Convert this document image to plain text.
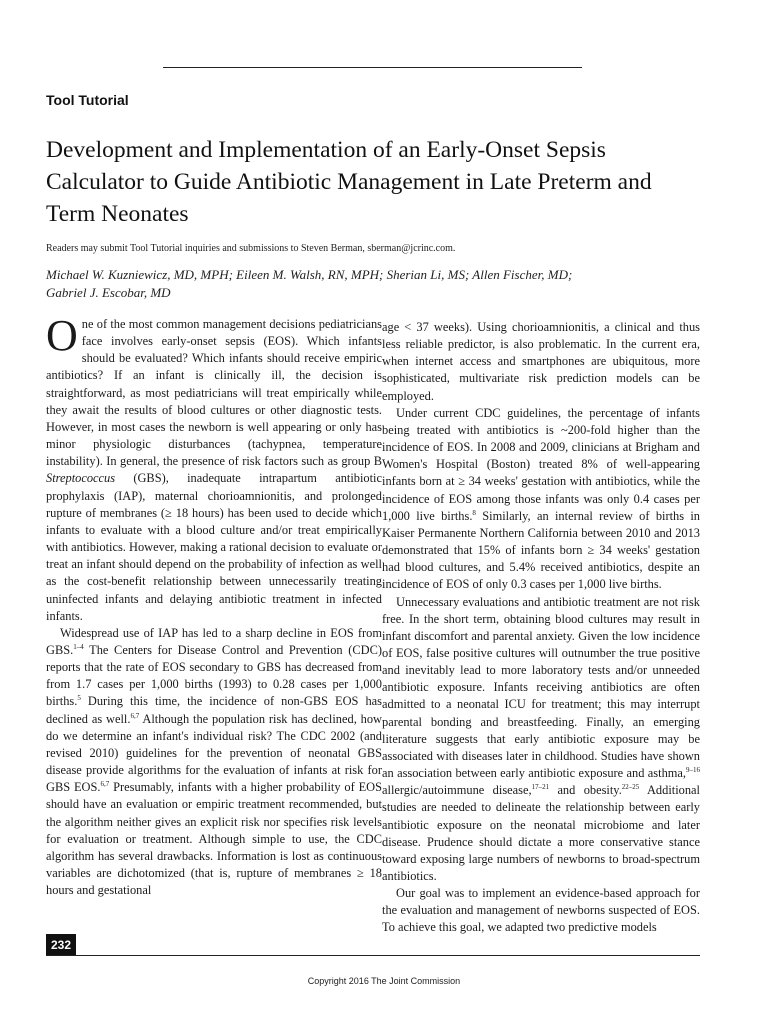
Tool Tutorial
Development and Implementation of an Early-Onset Sepsis
Calculator to Guide Antibiotic Management in Late Preterm and
Term Neonates

Readers may submit Tool Tutorial inquiries and submissions to Steven Berman, sberman@jcrinc.com.

Michael W. Kuzniewicz, MD, MPH; Eileen M. Walsh, RN, MPH; Sherian Li, MS; Allen Fischer, MD;
Gabriel J. Escobar, MD

One of the most common management decisions pediatricians face involves early-onset sepsis (EOS). Which infants should be evaluated? Which infants should receive empiric antibiotics? If an infant is clinically ill, the decision is straightforward, as most pediatricians will treat empirically while they await the results of blood cultures or other diagnostic tests. However, in most cases the newborn is well appearing or only has minor physiologic disturbances (tachypnea, temperature instability). In general, the presence of risk factors such as group B Streptococcus (GBS), inadequate intrapartum antibiotic prophylaxis (IAP), maternal chorioamnionitis, and prolonged rupture of membranes (≥ 18 hours) has been used to decide which infants to evaluate with a blood culture and/or treat empirically with antibiotics. However, making a rational decision to evaluate or treat an infant should depend on the probability of infection as well as the cost-benefit relationship between unnecessarily treating uninfected infants and delaying antibiotic treatment in infected infants.

Widespread use of IAP has led to a sharp decline in EOS from GBS.$^{1-4}$ The Centers for Disease Control and Prevention (CDC) reports that the rate of EOS secondary to GBS has decreased from from 1.7 cases per 1,000 births (1993) to 0.28 cases per 1,000 births.$^5$ During this time, the incidence of non-GBS EOS has declined as well.$^{6,7}$ Although the population risk has declined, how do we determine an infant's individual risk? The CDC 2002 (and revised 2010) guidelines for the prevention of neonatal GBS disease provide algorithms for the evaluation of infants at risk for GBS EOS.$^{6,7}$ Presumably, infants with a higher probability of EOS should have an evaluation or empiric treatment recommended, but the algorithm neither gives an explicit risk nor specifies risk levels for evaluation or treatment. Although simple to use, the CDC algorithm has several drawbacks. Information is lost as continuous variables are dichotomized (that is, rupture of membranes ≥ 18 hours and gestational

age < 37 weeks). Using chorioamnionitis, a clinical and thus less reliable predictor, is also problematic. In the current era, when internet access and smartphones are ubiquitous, more sophisticated, multivariate risk prediction models can be employed.

Under current CDC guidelines, the percentage of infants being treated with antibiotics is ~200-fold higher than the incidence of EOS. In 2008 and 2009, clinicians at Brigham and Women's Hospital (Boston) treated 8% of well-appearing infants born at ≥ 34 weeks' gestation with antibiotics, while the incidence of EOS among those infants was only 0.4 cases per 1,000 live births.$^8$ Similarly, an internal review of births in Kaiser Permanente Northern California between 2010 and 2013 demonstrated that 15% of infants born ≥ 34 weeks' gestation had blood cultures, and 5.4% received antibiotics, despite an incidence of EOS of only 0.3 cases per 1,000 live births.

Unnecessary evaluations and antibiotic treatment are not risk free. In the short term, obtaining blood cultures may result in infant discomfort and parental anxiety. Given the low incidence of EOS, false positive cultures will outnumber the true positive and inevitably lead to more laboratory tests and/or unneeded antibiotic exposure. Infants receiving antibiotics are often admitted to a neonatal ICU for treatment; this may interrupt parental bonding and breastfeeding. Finally, an emerging literature suggests that early antibiotic exposure may be associated with diseases later in childhood. Studies have shown an association between early antibiotic exposure and asthma,$^{9-16}$ allergic/autoimmune disease,$^{17-21}$ and obesity.$^{22-25}$ Additional studies are needed to delineate the relationship between early antibiotic exposure on the neonatal microbiome and later disease. Prudence should dictate a more conservative stance toward exposing large numbers of newborns to broad-spectrum antibiotics.

Our goal was to implement an evidence-based approach for the evaluation and management of newborns suspected of EOS. To achieve this goal, we adapted two predictive models

232

Copyright 2016 The Joint Commission
